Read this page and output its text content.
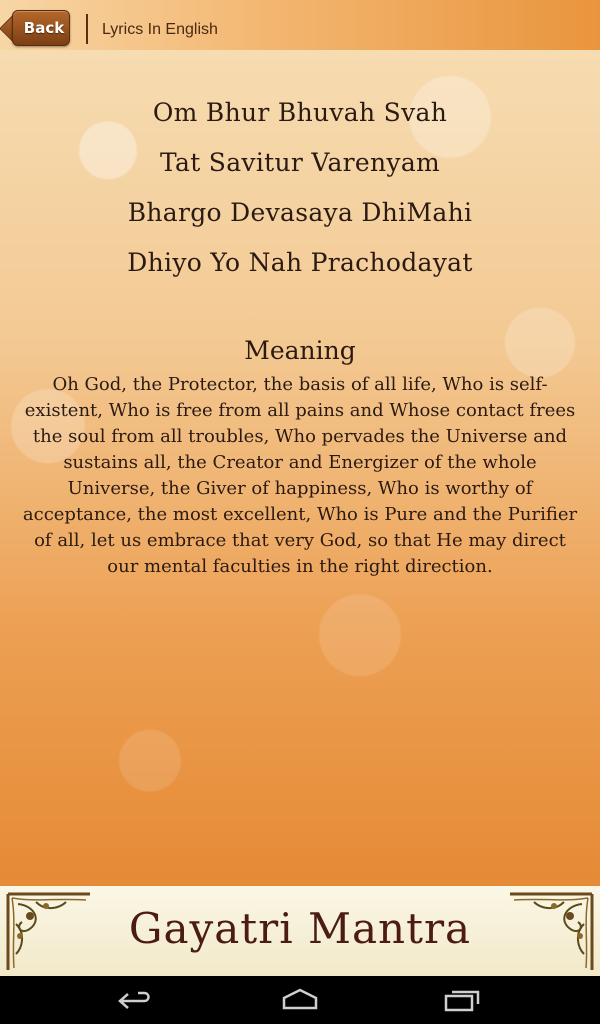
Back	Lyrics In English
Om Bhur Bhuvah Svah
Tat Savitur Varenyam
Bhargo Devasaya DhiMahi
Dhiyo Yo Nah Prachodayat
Meaning
Oh God, the Protector, the basis of all life, Who is self-existent, Who is free from all pains and Whose contact frees the soul from all troubles, Who pervades the Universe and sustains all, the Creator and Energizer of the whole Universe, the Giver of happiness, Who is worthy of acceptance, the most excellent, Who is Pure and the Purifier of all, let us embrace that very God, so that He may direct our mental faculties in the right direction.
Gayatri Mantra
